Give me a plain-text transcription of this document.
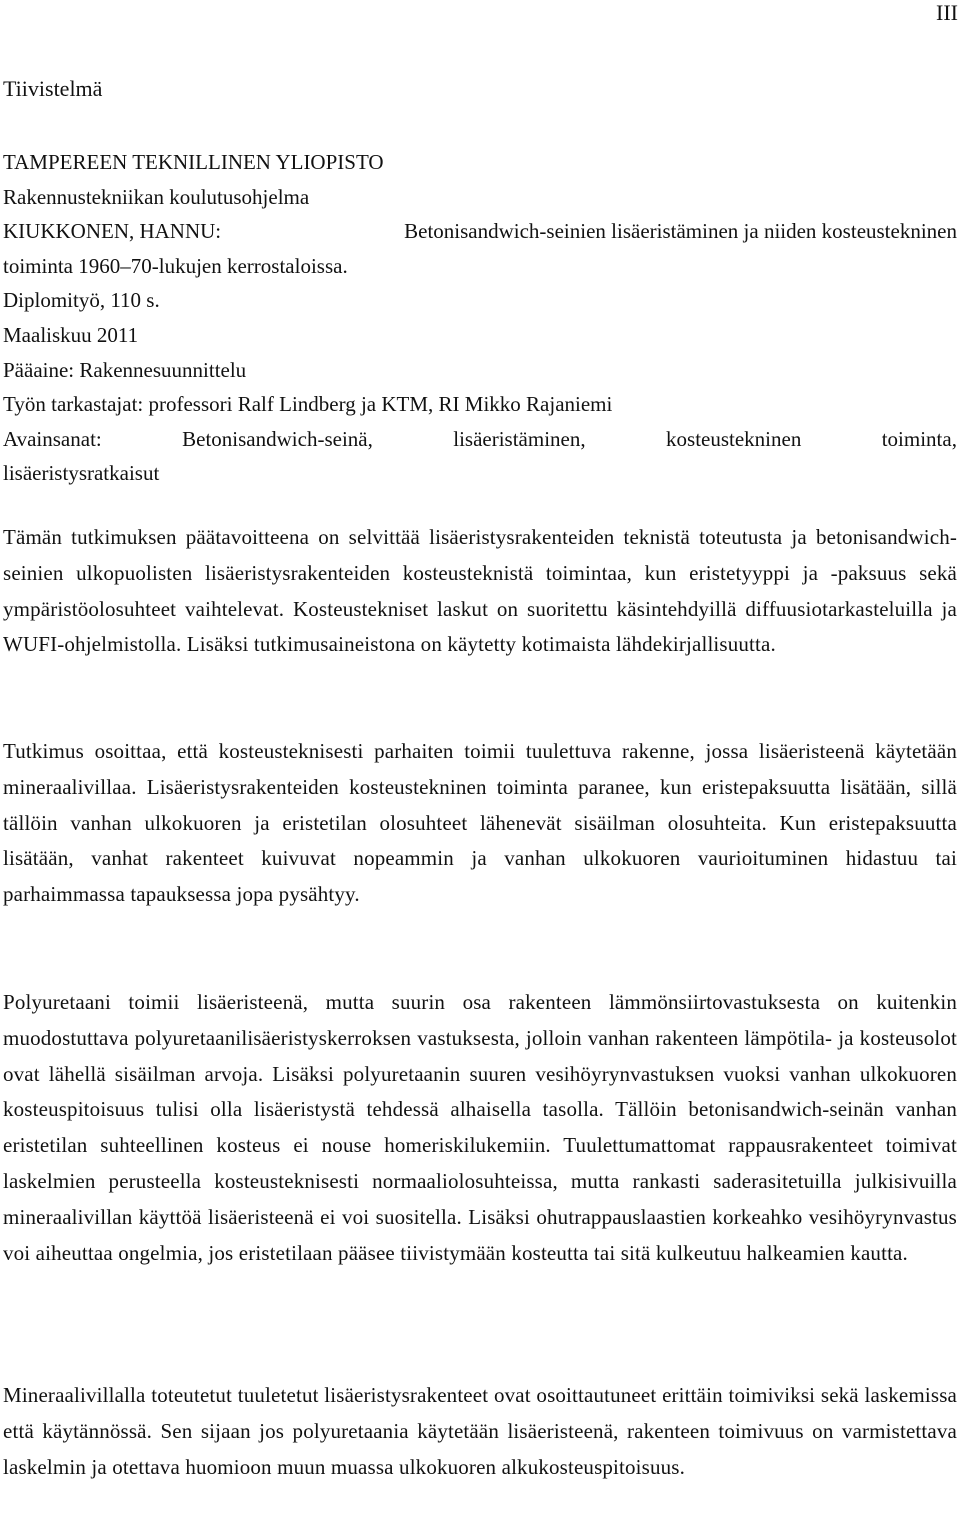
III
Tiivistelmä
TAMPEREEN TEKNILLINEN YLIOPISTO
Rakennustekniikan koulutusohjelma
KIUKKONEN, HANNU:	Betonisandwich-seinien lisäeristäminen ja niiden kosteustekninen
toiminta 1960–70-lukujen kerrostaloissa.
Diplomityö, 110 s.
Maaliskuu 2011
Pääaine: Rakennesuunnittelu
Työn tarkastajat: professori Ralf Lindberg ja KTM, RI Mikko Rajaniemi
Avainsanat:	Betonisandwich-seinä,	lisäeristäminen,	kosteustekninen	toiminta,
lisäeristysratkaisut

Tämän tutkimuksen päätavoitteena on selvittää lisäeristysrakenteiden teknistä toteutusta ja betonisandwich-seinien ulkopuolisten lisäeristysrakenteiden kosteusteknistä toimintaa, kun eristetyyppi ja -paksuus sekä ympäristöolosuhteet vaihtelevat. Kosteustekniset laskut on suoritettu käsintehdyillä diffuusiotarkasteluilla ja WUFI-ohjelmistolla. Lisäksi tutkimusaineistona on käytetty kotimaista lähdekirjallisuutta.

Tutkimus osoittaa, että kosteusteknisesti parhaiten toimii tuulettuva rakenne, jossa lisäeristeenä käytetään mineraalivillaa. Lisäeristysrakenteiden kosteustekninen toiminta paranee, kun eristepaksuutta lisätään, sillä tällöin vanhan ulkokuoren ja eristetilan olosuhteet lähenevät sisäilman olosuhteita. Kun eristepaksuutta lisätään, vanhat rakenteet kuivuvat nopeammin ja vanhan ulkokuoren vaurioituminen hidastuu tai parhaimmassa tapauksessa jopa pysähtyy.

Polyuretaani toimii lisäeristeenä, mutta suurin osa rakenteen lämmönsiirtovastuksesta on kuitenkin muodostuttava polyuretaanilisäeristyskerroksen vastuksesta, jolloin vanhan rakenteen lämpötila- ja kosteusolot ovat lähellä sisäilman arvoja. Lisäksi polyuretaanin suuren vesihöyrynvastuksen vuoksi vanhan ulkokuoren kosteuspitoisuus tulisi olla lisäeristystä tehdessä alhaisella tasolla. Tällöin betonisandwich-seinän vanhan eristetilan suhteellinen kosteus ei nouse homeriskilukemiin. Tuulettumattomat rappausrakenteet toimivat laskelmien perusteella kosteusteknisesti normaaliolosuhteissa, mutta rankasti saderasitetuilla julkisivuilla mineraalivillan käyttöä lisäeristeenä ei voi suositella. Lisäksi ohutrappauslaastien korkeahko vesihöyrynvastus voi aiheuttaa ongelmia, jos eristetilaan pääsee tiivistymään kosteutta tai sitä kulkeutuu halkeamien kautta.

Mineraalivillalla toteutetut tuuletetut lisäeristysrakenteet ovat osoittautuneet erittäin toimiviksi sekä laskemissa että käytännössä. Sen sijaan jos polyuretaania käytetään lisäeristeenä, rakenteen toimivuus on varmistettava laskelmin ja otettava huomioon muun muassa ulkokuoren alkukosteuspitoisuus.
